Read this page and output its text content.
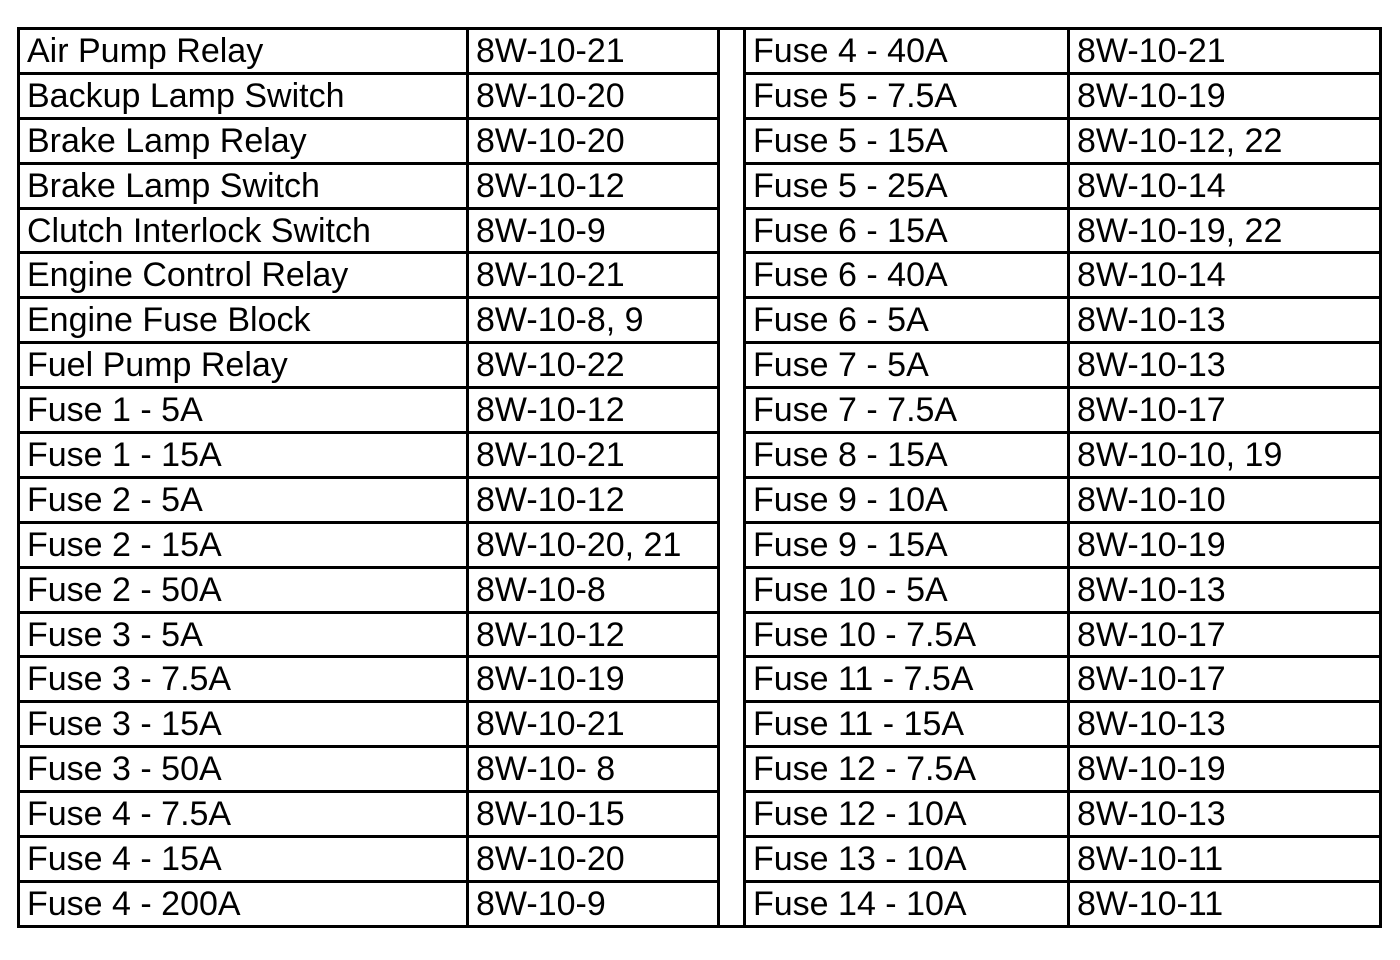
Air Pump Relay	8W-10-21		Fuse 4 - 40A	8W-10-21
Backup Lamp Switch	8W-10-20		Fuse 5 - 7.5A	8W-10-19
Brake Lamp Relay	8W-10-20		Fuse 5 - 15A	8W-10-12, 22
Brake Lamp Switch	8W-10-12		Fuse 5 - 25A	8W-10-14
Clutch Interlock Switch	8W-10-9		Fuse 6 - 15A	8W-10-19, 22
Engine Control Relay	8W-10-21		Fuse 6 - 40A	8W-10-14
Engine Fuse Block	8W-10-8, 9		Fuse 6 - 5A	8W-10-13
Fuel Pump Relay	8W-10-22		Fuse 7 - 5A	8W-10-13
Fuse 1 - 5A	8W-10-12		Fuse 7 - 7.5A	8W-10-17
Fuse 1 - 15A	8W-10-21		Fuse 8 - 15A	8W-10-10, 19
Fuse 2 - 5A	8W-10-12		Fuse 9 - 10A	8W-10-10
Fuse 2 - 15A	8W-10-20, 21		Fuse 9 - 15A	8W-10-19
Fuse 2 - 50A	8W-10-8		Fuse 10 - 5A	8W-10-13
Fuse 3 - 5A	8W-10-12		Fuse 10 - 7.5A	8W-10-17
Fuse 3 - 7.5A	8W-10-19		Fuse 11 - 7.5A	8W-10-17
Fuse 3 - 15A	8W-10-21		Fuse 11 - 15A	8W-10-13
Fuse 3 - 50A	8W-10- 8		Fuse 12 - 7.5A	8W-10-19
Fuse 4 - 7.5A	8W-10-15		Fuse 12 - 10A	8W-10-13
Fuse 4 - 15A	8W-10-20		Fuse 13 - 10A	8W-10-11
Fuse 4 - 200A	8W-10-9		Fuse 14 - 10A	8W-10-11
